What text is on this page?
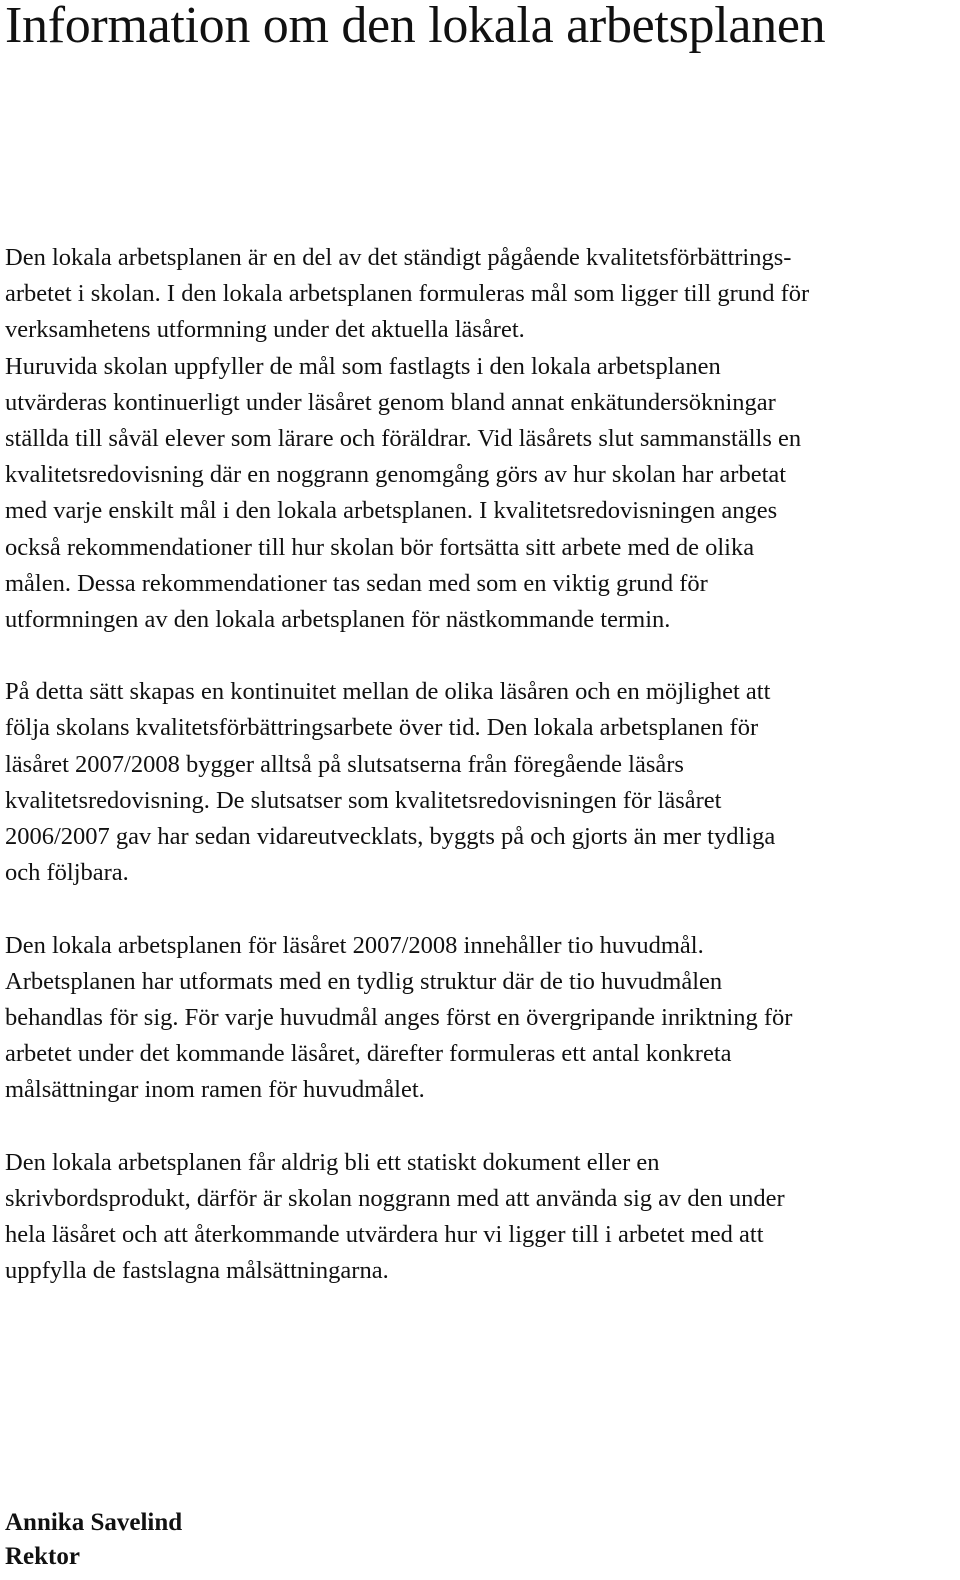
Information om den lokala arbetsplanen
Den lokala arbetsplanen är en del av det ständigt pågående kvalitetsförbättrings-
arbetet i skolan. I den lokala arbetsplanen formuleras mål som ligger till grund för
verksamhetens utformning under det aktuella läsåret.
Huruvida skolan uppfyller de mål som fastlagts i den lokala arbetsplanen
utvärderas kontinuerligt under läsåret genom bland annat enkätundersökningar
ställda till såväl elever som lärare och föräldrar. Vid läsårets slut sammanställs en
kvalitetsredovisning där en noggrann genomgång görs av hur skolan har arbetat
med varje enskilt mål i den lokala arbetsplanen. I kvalitetsredovisningen anges
också rekommendationer till hur skolan bör fortsätta sitt arbete med de olika
målen. Dessa rekommendationer tas sedan med som en viktig grund för
utformningen av den lokala arbetsplanen för nästkommande termin.
På detta sätt skapas en kontinuitet mellan de olika läsåren och en möjlighet att
följa skolans kvalitetsförbättringsarbete över tid. Den lokala arbetsplanen för
läsåret 2007/2008 bygger alltså på slutsatserna från föregående läsårs
kvalitetsredovisning. De slutsatser som kvalitetsredovisningen för läsåret
2006/2007 gav har sedan vidareutvecklats, byggts på och gjorts än mer tydliga
och följbara.
Den lokala arbetsplanen för läsåret 2007/2008 innehåller tio huvudmål.
Arbetsplanen har utformats med en tydlig struktur där de tio huvudmålen
behandlas för sig. För varje huvudmål anges först en övergripande inriktning för
arbetet under det kommande läsåret, därefter formuleras ett antal konkreta
målsättningar inom ramen för huvudmålet.
Den lokala arbetsplanen får aldrig bli ett statiskt dokument eller en
skrivbordsprodukt, därför är skolan noggrann med att använda sig av den under
hela läsåret och att återkommande utvärdera hur vi ligger till i arbetet med att
uppfylla de fastslagna målsättningarna.
Annika Savelind
Rektor
